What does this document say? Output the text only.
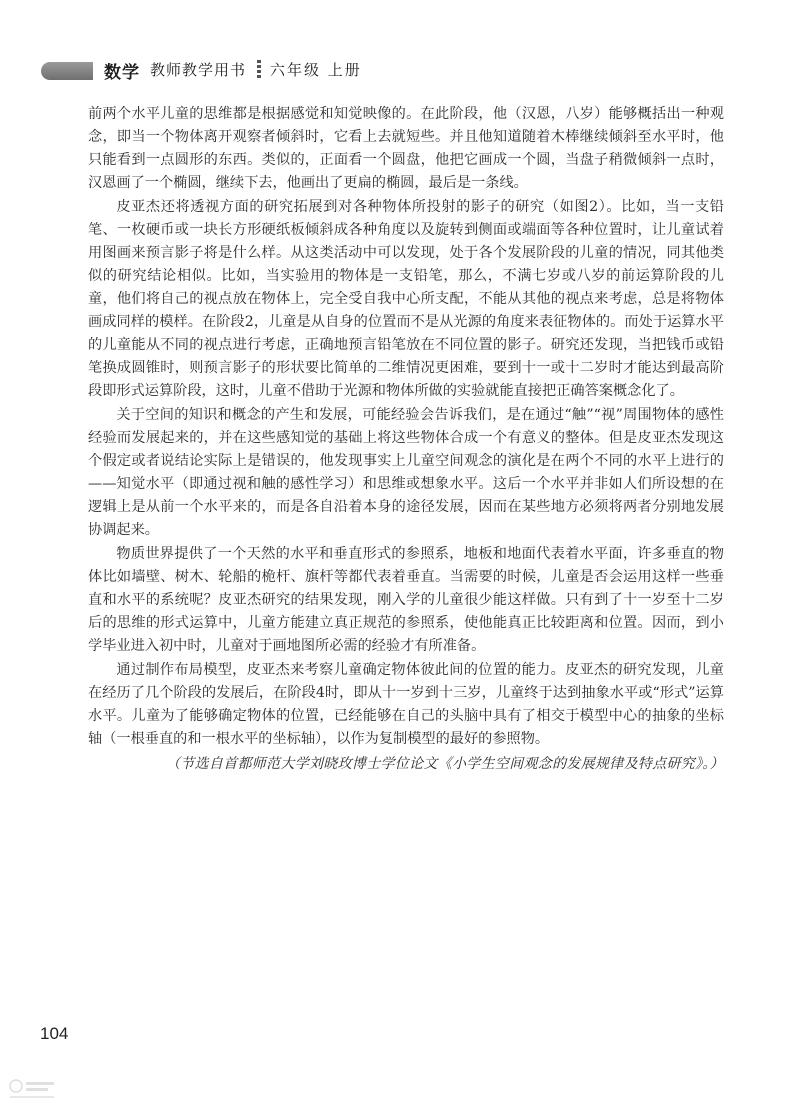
数学 教师教学用书 六年级 上册

前两个水平儿童的思维都是根据感觉和知觉映像的。在此阶段，他（汉恩，八岁）能够概括出一种观念，即当一个物体离开观察者倾斜时，它看上去就短些。并且他知道随着木棒继续倾斜至水平时，他只能看到一点圆形的东西。类似的，正面看一个圆盘，他把它画成一个圆，当盘子稍微倾斜一点时，汉恩画了一个椭圆，继续下去，他画出了更扁的椭圆，最后是一条线。

皮亚杰还将透视方面的研究拓展到对各种物体所投射的影子的研究（如图2）。比如，当一支铅笔、一枚硬币或一块长方形硬纸板倾斜成各种角度以及旋转到侧面或端面等各种位置时，让儿童试着用图画来预言影子将是什么样。从这类活动中可以发现，处于各个发展阶段的儿童的情况，同其他类似的研究结论相似。比如，当实验用的物体是一支铅笔，那么，不满七岁或八岁的前运算阶段的儿童，他们将自己的视点放在物体上，完全受自我中心所支配，不能从其他的视点来考虑，总是将物体画成同样的模样。在阶段2，儿童是从自身的位置而不是从光源的角度来表征物体的。而处于运算水平的儿童能从不同的视点进行考虑，正确地预言铅笔放在不同位置的影子。研究还发现，当把钱币或铅笔换成圆锥时，则预言影子的形状要比简单的二维情况更困难，要到十一或十二岁时才能达到最高阶段即形式运算阶段，这时，儿童不借助于光源和物体所做的实验就能直接把正确答案概念化了。

关于空间的知识和概念的产生和发展，可能经验会告诉我们，是在通过“触”“视”周围物体的感性经验而发展起来的，并在这些感知觉的基础上将这些物体合成一个有意义的整体。但是皮亚杰发现这个假定或者说结论实际上是错误的，他发现事实上儿童空间观念的演化是在两个不同的水平上进行的——知觉水平（即通过视和触的感性学习）和思维或想象水平。这后一个水平并非如人们所设想的在逻辑上是从前一个水平来的，而是各自沿着本身的途径发展，因而在某些地方必须将两者分别地发展协调起来。

物质世界提供了一个天然的水平和垂直形式的参照系，地板和地面代表着水平面，许多垂直的物体比如墙壁、树木、轮船的桅杆、旗杆等都代表着垂直。当需要的时候，儿童是否会运用这样一些垂直和水平的系统呢？皮亚杰研究的结果发现，刚入学的儿童很少能这样做。只有到了十一岁至十二岁后的思维的形式运算中，儿童方能建立真正规范的参照系，使他能真正比较距离和位置。因而，到小学毕业进入初中时，儿童对于画地图所必需的经验才有所准备。

通过制作布局模型，皮亚杰来考察儿童确定物体彼此间的位置的能力。皮亚杰的研究发现，儿童在经历了几个阶段的发展后，在阶段4时，即从十一岁到十三岁，儿童终于达到抽象水平或“形式”运算水平。儿童为了能够确定物体的位置，已经能够在自己的头脑中具有了相交于模型中心的抽象的坐标轴（一根垂直的和一根水平的坐标轴），以作为复制模型的最好的参照物。

（节选自首都师范大学刘晓玫博士学位论文《小学生空间观念的发展规律及特点研究》。）
104
